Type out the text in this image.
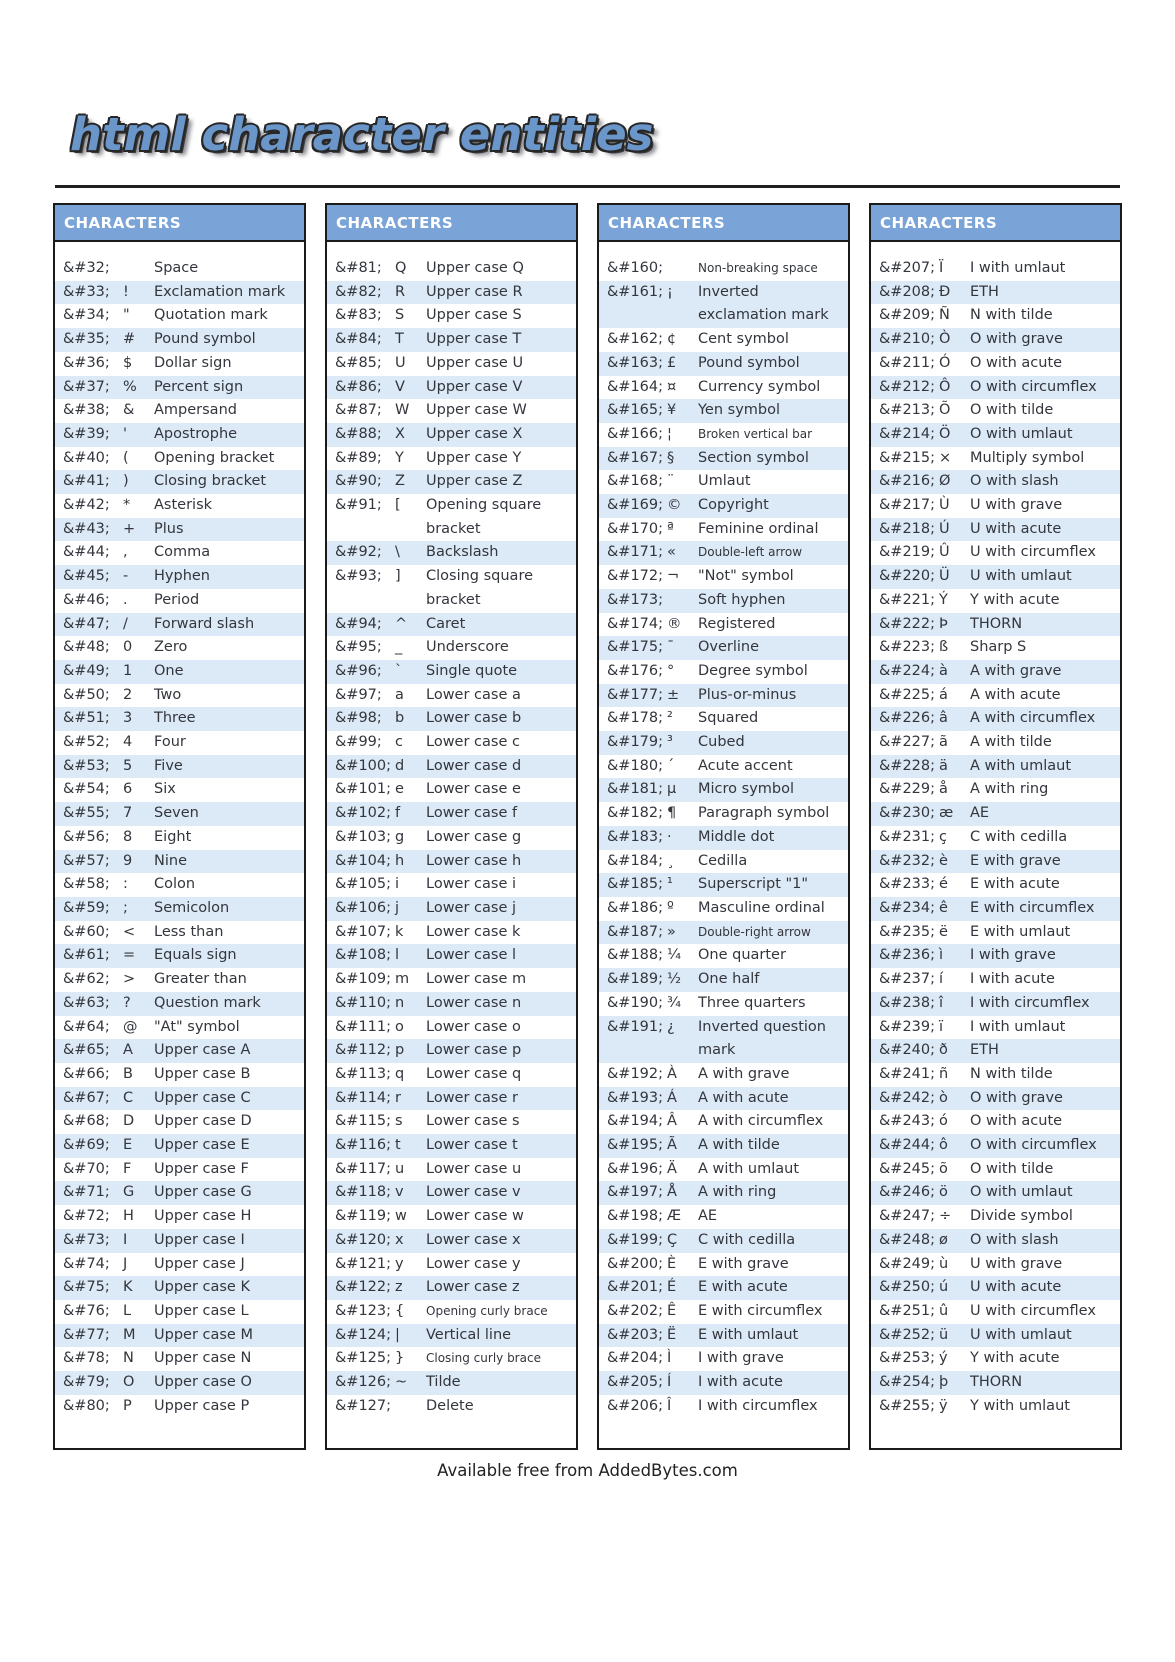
html character entities
CHARACTERS
&#32;	Space
&#33; !	Exclamation mark
&#34; "	Quotation mark
&#35; #	Pound symbol
&#36; $	Dollar sign
&#37; %	Percent sign
&#38; &	Ampersand
&#39; '	Apostrophe
&#40; (	Opening bracket
&#41; )	Closing bracket
&#42; *	Asterisk
&#43; +	Plus
&#44; ,	Comma
&#45; -	Hyphen
&#46; .	Period
&#47; /	Forward slash
&#48; 0	Zero
&#49; 1	One
&#50; 2	Two
&#51; 3	Three
&#52; 4	Four
&#53; 5	Five
&#54; 6	Six
&#55; 7	Seven
&#56; 8	Eight
&#57; 9	Nine
&#58; :	Colon
&#59; ;	Semicolon
&#60; <	Less than
&#61; =	Equals sign
&#62; >	Greater than
&#63; ?	Question mark
&#64; @	"At" symbol
&#65; A	Upper case A
&#66; B	Upper case B
&#67; C	Upper case C
&#68; D	Upper case D
&#69; E	Upper case E
&#70; F	Upper case F
&#71; G	Upper case G
&#72; H	Upper case H
&#73; I	Upper case I
&#74; J	Upper case J
&#75; K	Upper case K
&#76; L	Upper case L
&#77; M	Upper case M
&#78; N	Upper case N
&#79; O	Upper case O
&#80; P	Upper case P
CHARACTERS
&#81; Q	Upper case Q
&#82; R	Upper case R
&#83; S	Upper case S
&#84; T	Upper case T
&#85; U	Upper case U
&#86; V	Upper case V
&#87; W	Upper case W
&#88; X	Upper case X
&#89; Y	Upper case Y
&#90; Z	Upper case Z
&#91; [	Opening square
bracket
&#92; \	Backslash
&#93; ]	Closing square
bracket
&#94; ^	Caret
&#95; _	Underscore
&#96; `	Single quote
&#97; a	Lower case a
&#98; b	Lower case b
&#99; c	Lower case c
&#100; d	Lower case d
&#101; e	Lower case e
&#102; f	Lower case f
&#103; g	Lower case g
&#104; h	Lower case h
&#105; i	Lower case i
&#106; j	Lower case j
&#107; k	Lower case k
&#108; l	Lower case l
&#109; m	Lower case m
&#110; n	Lower case n
&#111; o	Lower case o
&#112; p	Lower case p
&#113; q	Lower case q
&#114; r	Lower case r
&#115; s	Lower case s
&#116; t	Lower case t
&#117; u	Lower case u
&#118; v	Lower case v
&#119; w	Lower case w
&#120; x	Lower case x
&#121; y	Lower case y
&#122; z	Lower case z
&#123; {	Opening curly brace
&#124; |	Vertical line
&#125; }	Closing curly brace
&#126; ~	Tilde
&#127; Delete
CHARACTERS
&#160;	Non-breaking space
&#161; ¡	Inverted
exclamation mark
&#162; ¢	Cent symbol
&#163; £	Pound symbol
&#164; ¤	Currency symbol
&#165; ¥	Yen symbol
&#166; ¦	Broken vertical bar
&#167; §	Section symbol
&#168; ¨	Umlaut
&#169; ©	Copyright
&#170; ª	Feminine ordinal
&#171; «	Double-left arrow
&#172; ¬	"Not" symbol
&#173; Soft hyphen
&#174; ®	Registered
&#175; ¯	Overline
&#176; °	Degree symbol
&#177; ±	Plus-or-minus
&#178; ²	Squared
&#179; ³	Cubed
&#180; ´	Acute accent
&#181; µ	Micro symbol
&#182; ¶	Paragraph symbol
&#183; ·	Middle dot
&#184; ¸	Cedilla
&#185; ¹	Superscript "1"
&#186; º	Masculine ordinal
&#187; »	Double-right arrow
&#188; ¼	One quarter
&#189; ½	One half
&#190; ¾	Three quarters
&#191; ¿	Inverted question
mark
&#192; À	A with grave
&#193; Á	A with acute
&#194; Â	A with circumflex
&#195; Ã	A with tilde
&#196; Ä	A with umlaut
&#197; Å	A with ring
&#198; Æ	AE
&#199; Ç	C with cedilla
&#200; È	E with grave
&#201; É	E with acute
&#202; Ê	E with circumflex
&#203; Ë	E with umlaut
&#204; Ì	I with grave
&#205; Í	I with acute
&#206; Î	I with circumflex
CHARACTERS
&#207; Ï	I with umlaut
&#208; Ð	ETH
&#209; Ñ	N with tilde
&#210; Ò	O with grave
&#211; Ó	O with acute
&#212; Ô	O with circumflex
&#213; Õ	O with tilde
&#214; Ö	O with umlaut
&#215; ×	Multiply symbol
&#216; Ø	O with slash
&#217; Ù	U with grave
&#218; Ú	U with acute
&#219; Û	U with circumflex
&#220; Ü	U with umlaut
&#221; Ý	Y with acute
&#222; Þ	THORN
&#223; ß	Sharp S
&#224; à	A with grave
&#225; á	A with acute
&#226; â	A with circumflex
&#227; ã	A with tilde
&#228; ä	A with umlaut
&#229; å	A with ring
&#230; æ	AE
&#231; ç	C with cedilla
&#232; è	E with grave
&#233; é	E with acute
&#234; ê	E with circumflex
&#235; ë	E with umlaut
&#236; ì	I with grave
&#237; í	I with acute
&#238; î	I with circumflex
&#239; ï	I with umlaut
&#240; ð	ETH
&#241; ñ	N with tilde
&#242; ò	O with grave
&#243; ó	O with acute
&#244; ô	O with circumflex
&#245; õ	O with tilde
&#246; ö	O with umlaut
&#247; ÷	Divide symbol
&#248; ø	O with slash
&#249; ù	U with grave
&#250; ú	U with acute
&#251; û	U with circumflex
&#252; ü	U with umlaut
&#253; ý	Y with acute
&#254; þ	THORN
&#255; ÿ	Y with umlaut
Available free from AddedBytes.com
